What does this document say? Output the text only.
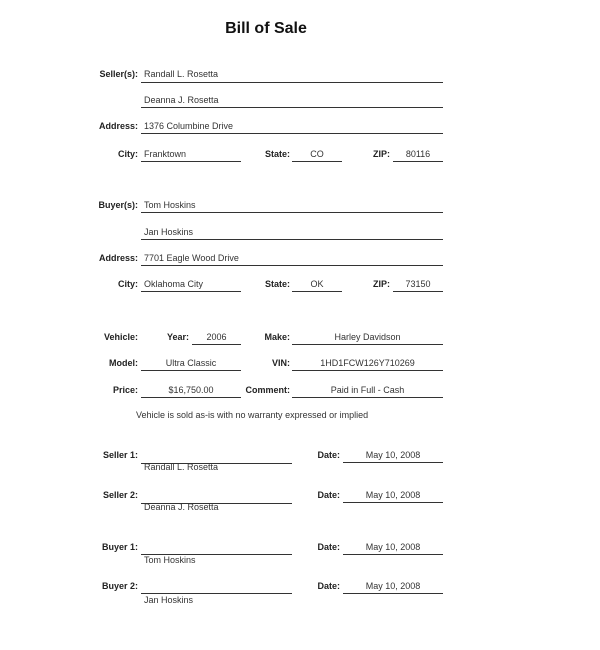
Bill of Sale
Seller(s): Randall L. Rosetta
Deanna J. Rosetta
Address: 1376 Columbine Drive
City: Franktown	State:	CO	ZIP:	80116
Buyer(s): Tom Hoskins
Jan Hoskins
Address: 7701 Eagle Wood Drive
City: Oklahoma City	State:	OK	ZIP:	73150
Vehicle:	Year:	2006	Make:	Harley Davidson
Model:	Ultra Classic	VIN:	1HD1FCW126Y710269
Price:	$16,750.00	Comment:	Paid in Full - Cash
Vehicle is sold as-is with no warranty expressed or implied
Seller 1:
Randall L. Rosetta
Date:	May 10, 2008
Seller 2:
Deanna J. Rosetta
Date:	May 10, 2008
Buyer 1:
Tom Hoskins
Date:	May 10, 2008
Buyer 2:
Jan Hoskins
Date:	May 10, 2008
